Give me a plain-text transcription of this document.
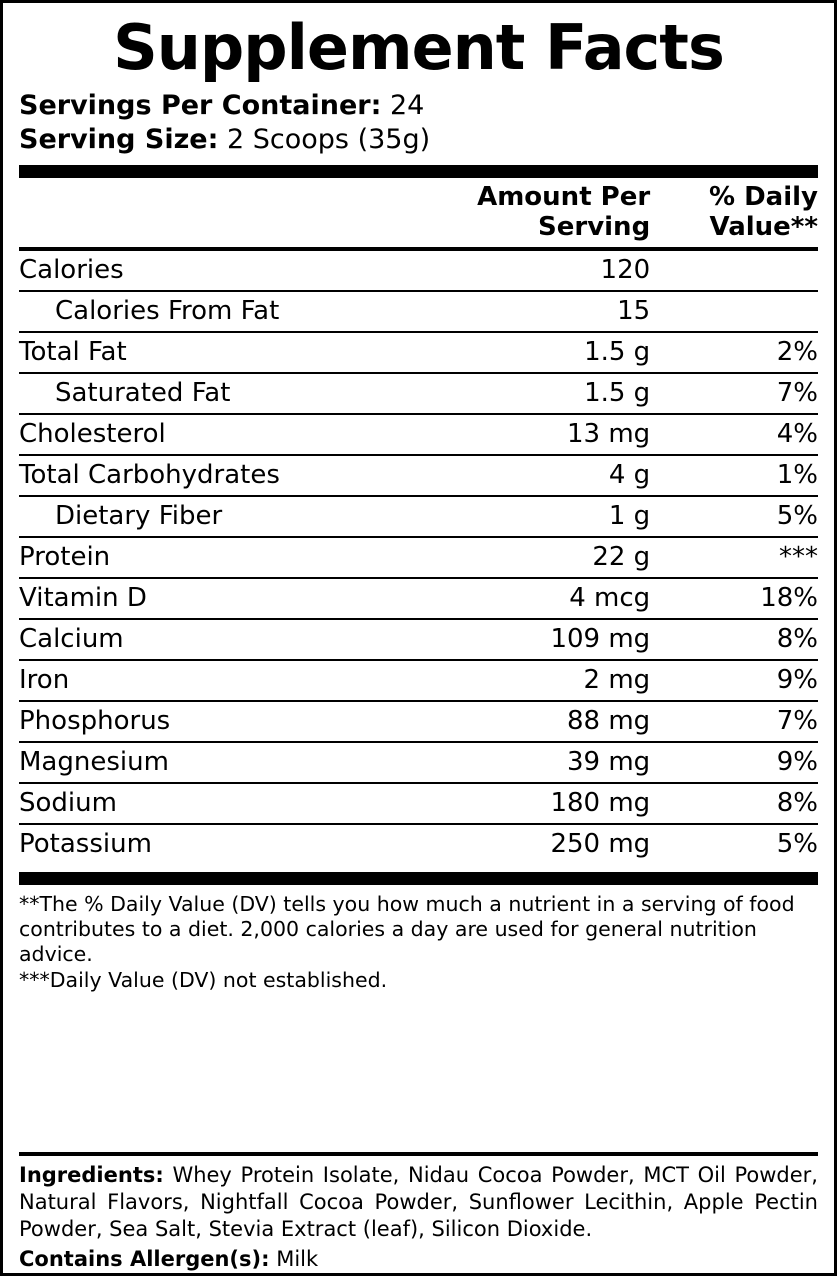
Supplement Facts
Servings Per Container: 24
Serving Size: 2 Scoops (35g)
	Amount Per Serving	% Daily Value**
Calories	120	
Calories From Fat	15	
Total Fat	1.5 g	2%
Saturated Fat	1.5 g	7%
Cholesterol	13 mg	4%
Total Carbohydrates	4 g	1%
Dietary Fiber	1 g	5%
Protein	22 g	***
Vitamin D	4 mcg	18%
Calcium	109 mg	8%
Iron	2 mg	9%
Phosphorus	88 mg	7%
Magnesium	39 mg	9%
Sodium	180 mg	8%
Potassium	250 mg	5%

**The % Daily Value (DV) tells you how much a nutrient in a serving of food contributes to a diet. 2,000 calories a day are used for general nutrition advice.

***Daily Value (DV) not established.

Ingredients: Whey Protein Isolate, Nidau Cocoa Powder, MCT Oil Powder, Natural Flavors, Nightfall Cocoa Powder, Sunflower Lecithin, Apple Pectin Powder, Sea Salt, Stevia Extract (leaf), Silicon Dioxide.
Contains Allergen(s): Milk
